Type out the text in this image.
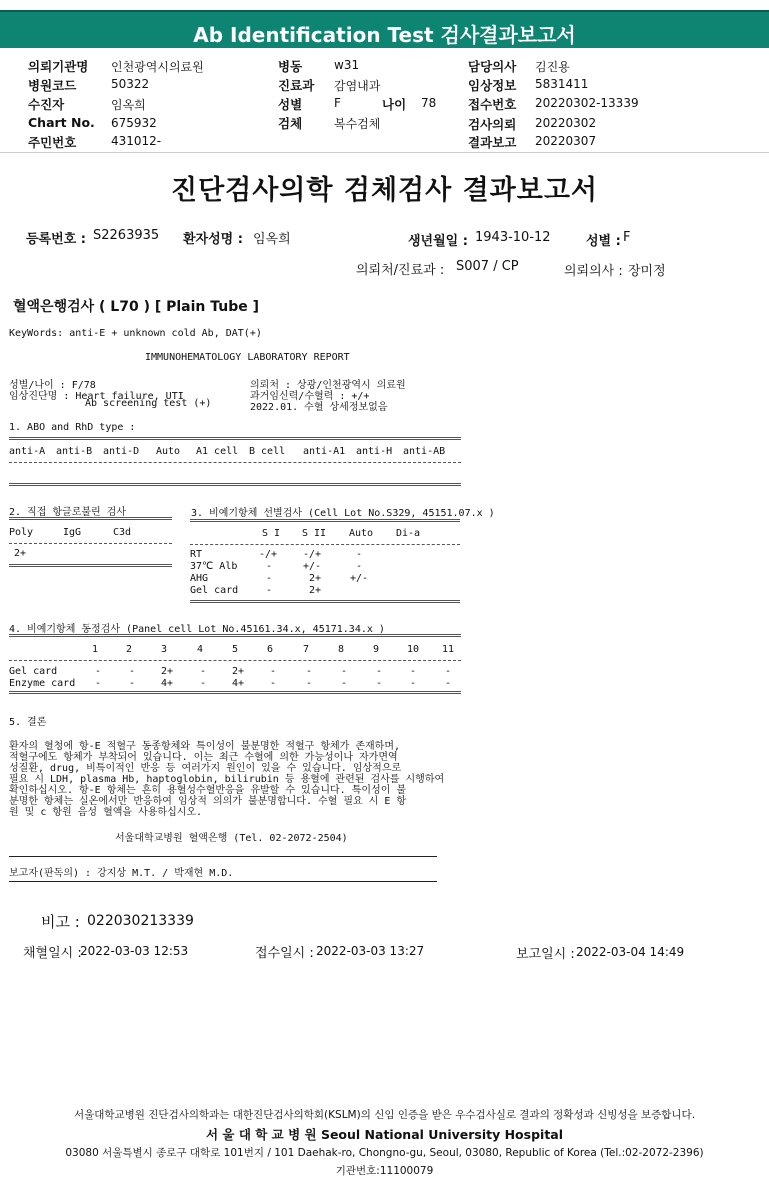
Ab Identification Test 검사결과보고서
의뢰기관명 인천광역시의료원
병원코드	50322
수진자	임옥희
Chart No. 675932
주민번호	431012-
병동	w31
진료과 감염내과
성별	F	나이 78
검체	복수검체
담당의사 김진용
임상정보 5831411
접수번호 20220302-13339
검사의뢰 20220302
결과보고 20220307
진단검사의학 검체검사 결과보고서
등록번호 : S2263935 환자성명 : 임옥희	생년월일 : 1943-10-12	성별 : F
의뢰처/진료과 : S007 / CP	의뢰의사 : 장미정
혈액은행검사 ( L70 ) [ Plain Tube ]
KeyWords: anti-E + unknown cold Ab, DAT(+)
IMMUNOHEMATOLOGY LABORATORY REPORT
성별/나이 : F/78
임상진단명 : Heart failure, UTI
Ab screening test (+)
의뢰처 : 상광/인천광역시 의료원
과거임신력/수혈력 : +/+
2022.01. 수혈 상세정보없음
1. ABO and RhD type :
anti-A anti-B anti-D Auto A1 cell B cell anti-A1 anti-H anti-AB
2. 직접 항글로불린 검사
Poly	IgG	C3d
2+
3. 비예기항체 선별검사 (Cell Lot No.S329, 45151.07.x )
S I S II Auto Di-a
RT	-/+	-/+	-
37℃ Alb	-	+/-	-
AHG	-	2+	+/-
Gel card	-	2+
4. 비예기항체 동정검사 (Panel cell Lot No.45161.34.x, 45171.34.x )
1	2	3	4	5	6	7	8	9	10 11
Gel card	-	-	2+	-	2+	-	-	-	-	-	-
Enzyme card -	-	4+	-	4+	-	-	-	-	-	-
5. 결론
환자의 혈청에 항-E 적혈구 동종항체와 특이성이 불분명한 적혈구 항체가 존재하며,
적혈구에도 항체가 부착되어 있습니다. 이는 최근 수혈에 의한 가능성이나 자가면역
성질환, drug, 비특이적인 반응 등 여러가지 원인이 있을 수 있습니다. 임상적으로
필요 시 LDH, plasma Hb, haptoglobin, bilirubin 등 용혈에 관련된 검사를 시행하여
확인하십시오. 항-E 항체는 흔히 용혈성수혈반응을 유발할 수 있습니다. 특이성이 불
분명한 항체는 실온에서만 반응하여 임상적 의의가 불분명합니다. 수혈 필요 시 E 항
원 및 c 항원 음성 혈액을 사용하십시오.
서울대학교병원 혈액은행 (Tel. 02-2072-2504)
보고자(판독의) : 강지상 M.T. / 박재현 M.D.
비고 : 022030213339
채혈일시 :
2022-03-03 12:53	접수일시 : 2022-03-03 13:27	보고일시 : 2022-03-04 14:49
서울대학교병원 진단검사의학과는 대한진단검사의학회(KSLM)의 신임 인증을 받은 우수검사실로 결과의 정확성과 신빙성을 보증합니다.
서 울 대 학 교 병 원 Seoul National University Hospital
03080 서울특별시 종로구 대학로 101번지 / 101 Daehak-ro, Chongno-gu, Seoul, 03080, Republic of Korea (Tel.:02-2072-2396)
기관번호:11100079
